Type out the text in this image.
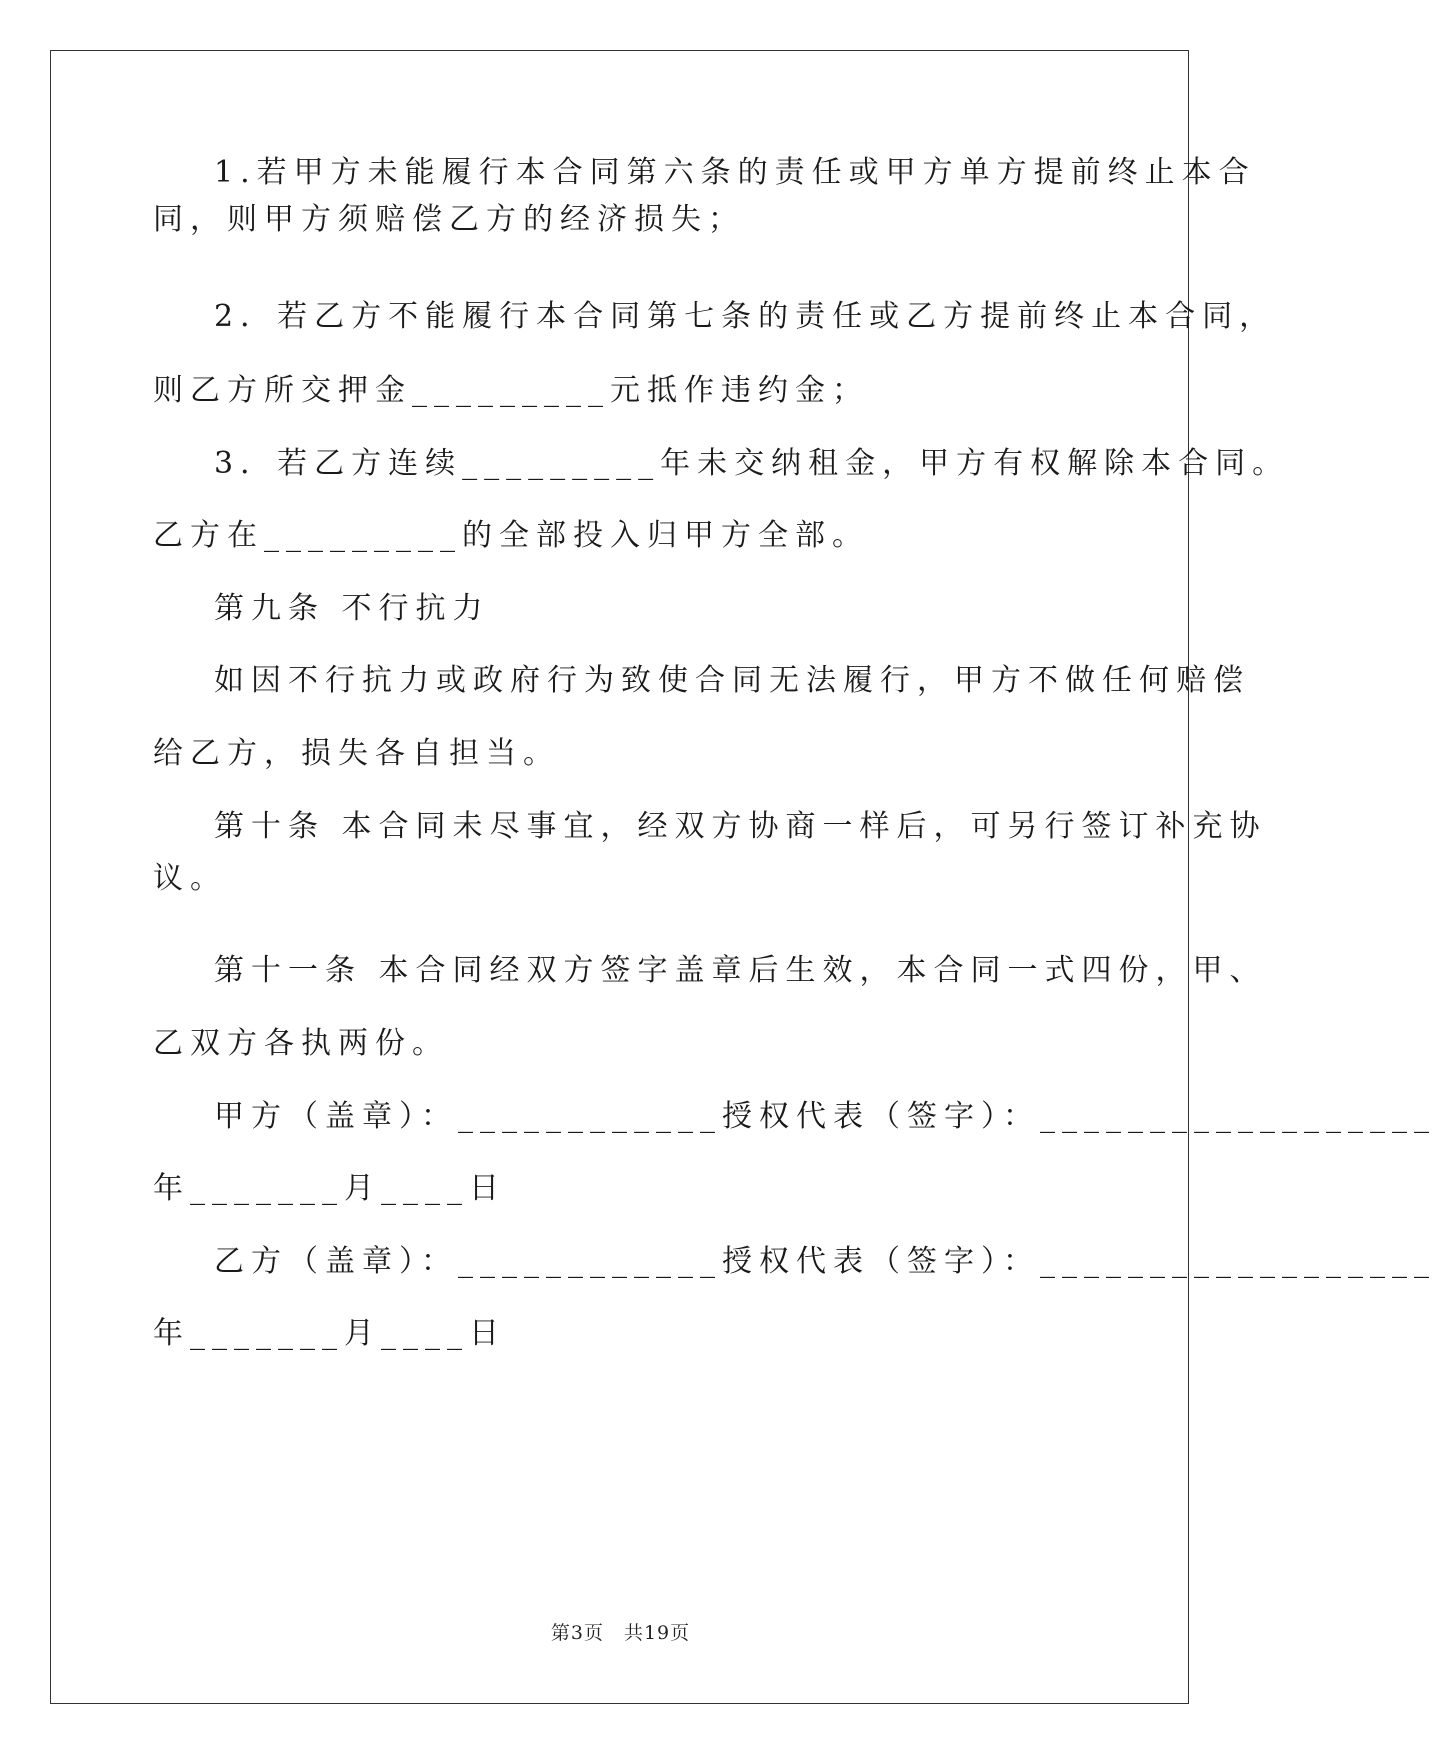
1.若甲方未能履行本合同第六条的责任或甲方单方提前终止本合
同，则甲方须赔偿乙方的经济损失；
2．若乙方不能履行本合同第七条的责任或乙方提前终止本合同，
则乙方所交押金_________元抵作违约金；
3．若乙方连续_________年未交纳租金，甲方有权解除本合同。
乙方在_________的全部投入归甲方全部。
第九条 不行抗力
如因不行抗力或政府行为致使合同无法履行，甲方不做任何赔偿
给乙方，损失各自担当。
第十条 本合同未尽事宜，经双方协商一样后，可另行签订补充协
议。
第十一条 本合同经双方签字盖章后生效，本合同一式四份，甲、
乙双方各执两份。
甲方（盖章）：____________授权代表（签字）：__________________
年_______月____日
乙方（盖章）：____________授权代表（签字）：__________________
年_______月____日
第3页　共19页
